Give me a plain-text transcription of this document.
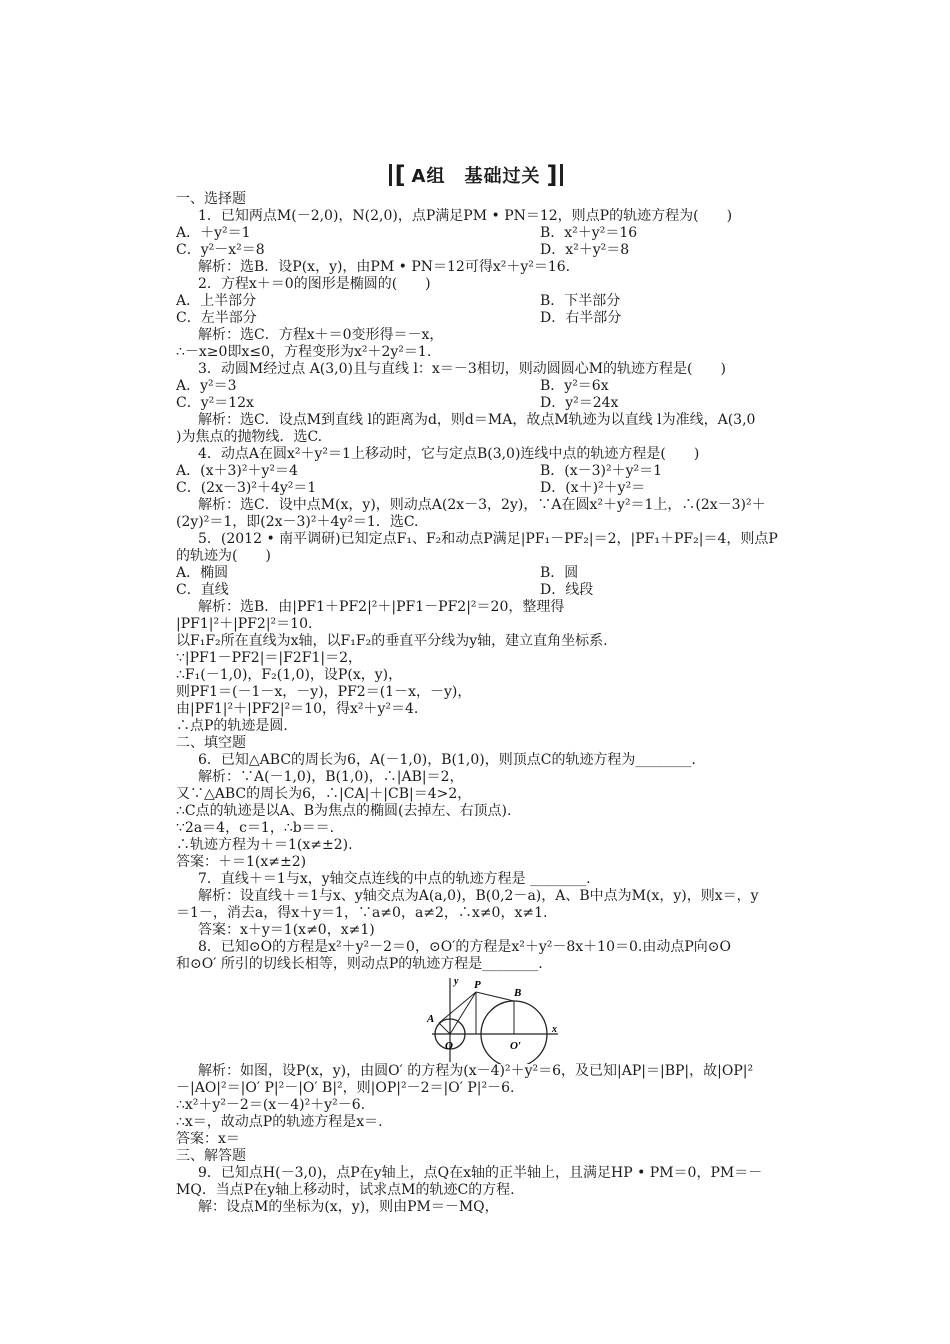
[ A组　基础过关 ]
一、选择题
1．已知两点M(－2,0)，N(2,0)，点P满足PM • PN＝12，则点P的轨迹方程为(　　)
A．＋y²＝1	B．x²＋y²＝16
C．y²－x²＝8	D．x²＋y²＝8
解析：选B．设P(x，y)，由PM • PN＝12可得x²＋y²＝16.
2．方程x＋＝0的图形是椭圆的(　　)
A．上半部分	B．下半部分
C．左半部分	D．右半部分
解析：选C．方程x＋＝0变形得＝－x，
∴－x≥0即x≤0，方程变形为x²＋2y²＝1.
3．动圆M经过点 A(3,0)且与直线 l：x＝－3相切，则动圆圆心M的轨迹方程是(　　)
A．y²＝3	B．y²＝6x
C．y²＝12x	D．y²＝24x
解析：选C．设点M到直线 l的距离为d，则d＝MA，故点M轨迹为以直线 l为准线，A(3,0
)为焦点的抛物线．选C.
4．动点A在圆x²＋y²＝1上移动时，它与定点B(3,0)连线中点的轨迹方程是(　　)
A．(x＋3)²＋y²＝4	B．(x－3)²＋y²＝1
C．(2x－3)²＋4y²＝1	D．(x＋)²＋y²＝
解析：选C．设中点M(x，y)，则动点A(2x－3，2y)，∵A在圆x²＋y²＝1上，∴(2x－3)²＋
(2y)²＝1，即(2x－3)²＋4y²＝1．选C.
5．(2012 • 南平调研)已知定点F₁、F₂和动点P满足|PF₁－PF₂|＝2，|PF₁＋PF₂|＝4，则点P
的轨迹为(　　)
A．椭圆	B．圆
C．直线	D．线段
解析：选B．由|PF1＋PF2|²＋|PF1－PF2|²＝20，整理得
|PF1|²＋|PF2|²＝10.
以F₁F₂所在直线为x轴，以F₁F₂的垂直平分线为y轴，建立直角坐标系.
∵|PF1－PF2|＝|F2F1|＝2，
∴F₁(－1,0)，F₂(1,0)，设P(x，y)，
则PF1＝(－1－x，－y)，PF2＝(1－x，－y)，
由|PF1|²＋|PF2|²＝10，得x²＋y²＝4.
∴点P的轨迹是圆.
二、填空题
6．已知△ABC的周长为6，A(－1,0)，B(1,0)，则顶点C的轨迹方程为________.
解析：∵A(－1,0)，B(1,0)，∴|AB|＝2，
又∵△ABC的周长为6，∴|CA|＋|CB|＝4>2，
∴C点的轨迹是以A、B为焦点的椭圆(去掉左、右顶点).
∵2a＝4，c＝1，∴b＝＝.
∴轨迹方程为＋＝1(x≠±2).
答案：＋＝1(x≠±2)
7．直线＋＝1与x，y轴交点连线的中点的轨迹方程是 ________.
解析：设直线＋＝1与x、y轴交点为A(a,0)，B(0,2－a)，A、B中点为M(x，y)，则x＝，y
＝1－，消去a，得x＋y＝1，∵a≠0，a≠2，∴x≠0，x≠1.
答案：x＋y＝1(x≠0，x≠1)
8．已知⊙O的方程是x²＋y²－2＝0，⊙O′的方程是x²＋y²－8x＋10＝0.由动点P向⊙O
和⊙O′ 所引的切线长相等，则动点P的轨迹方程是________.
解析：如图，设P(x，y)，由圆O′ 的方程为(x－4)²＋y²＝6，及已知|AP|＝|BP|，故|OP|²
－|AO|²＝|O′ P|²－|O′ B|²，则|OP|²－2＝|O′ P|²－6.
∴x²＋y²－2＝(x－4)²＋y²－6.
∴x＝，故动点P的轨迹方程是x＝.
答案：x＝
三、解答题
9．已知点H(－3,0)，点P在y轴上，点Q在x轴的正半轴上，且满足HP • PM＝0，PM＝－
MQ．当点P在y轴上移动时，试求点M的轨迹C的方程.
解：设点M的坐标为(x，y)，则由PM＝－MQ，
y
x
P
B
A
O	O′
